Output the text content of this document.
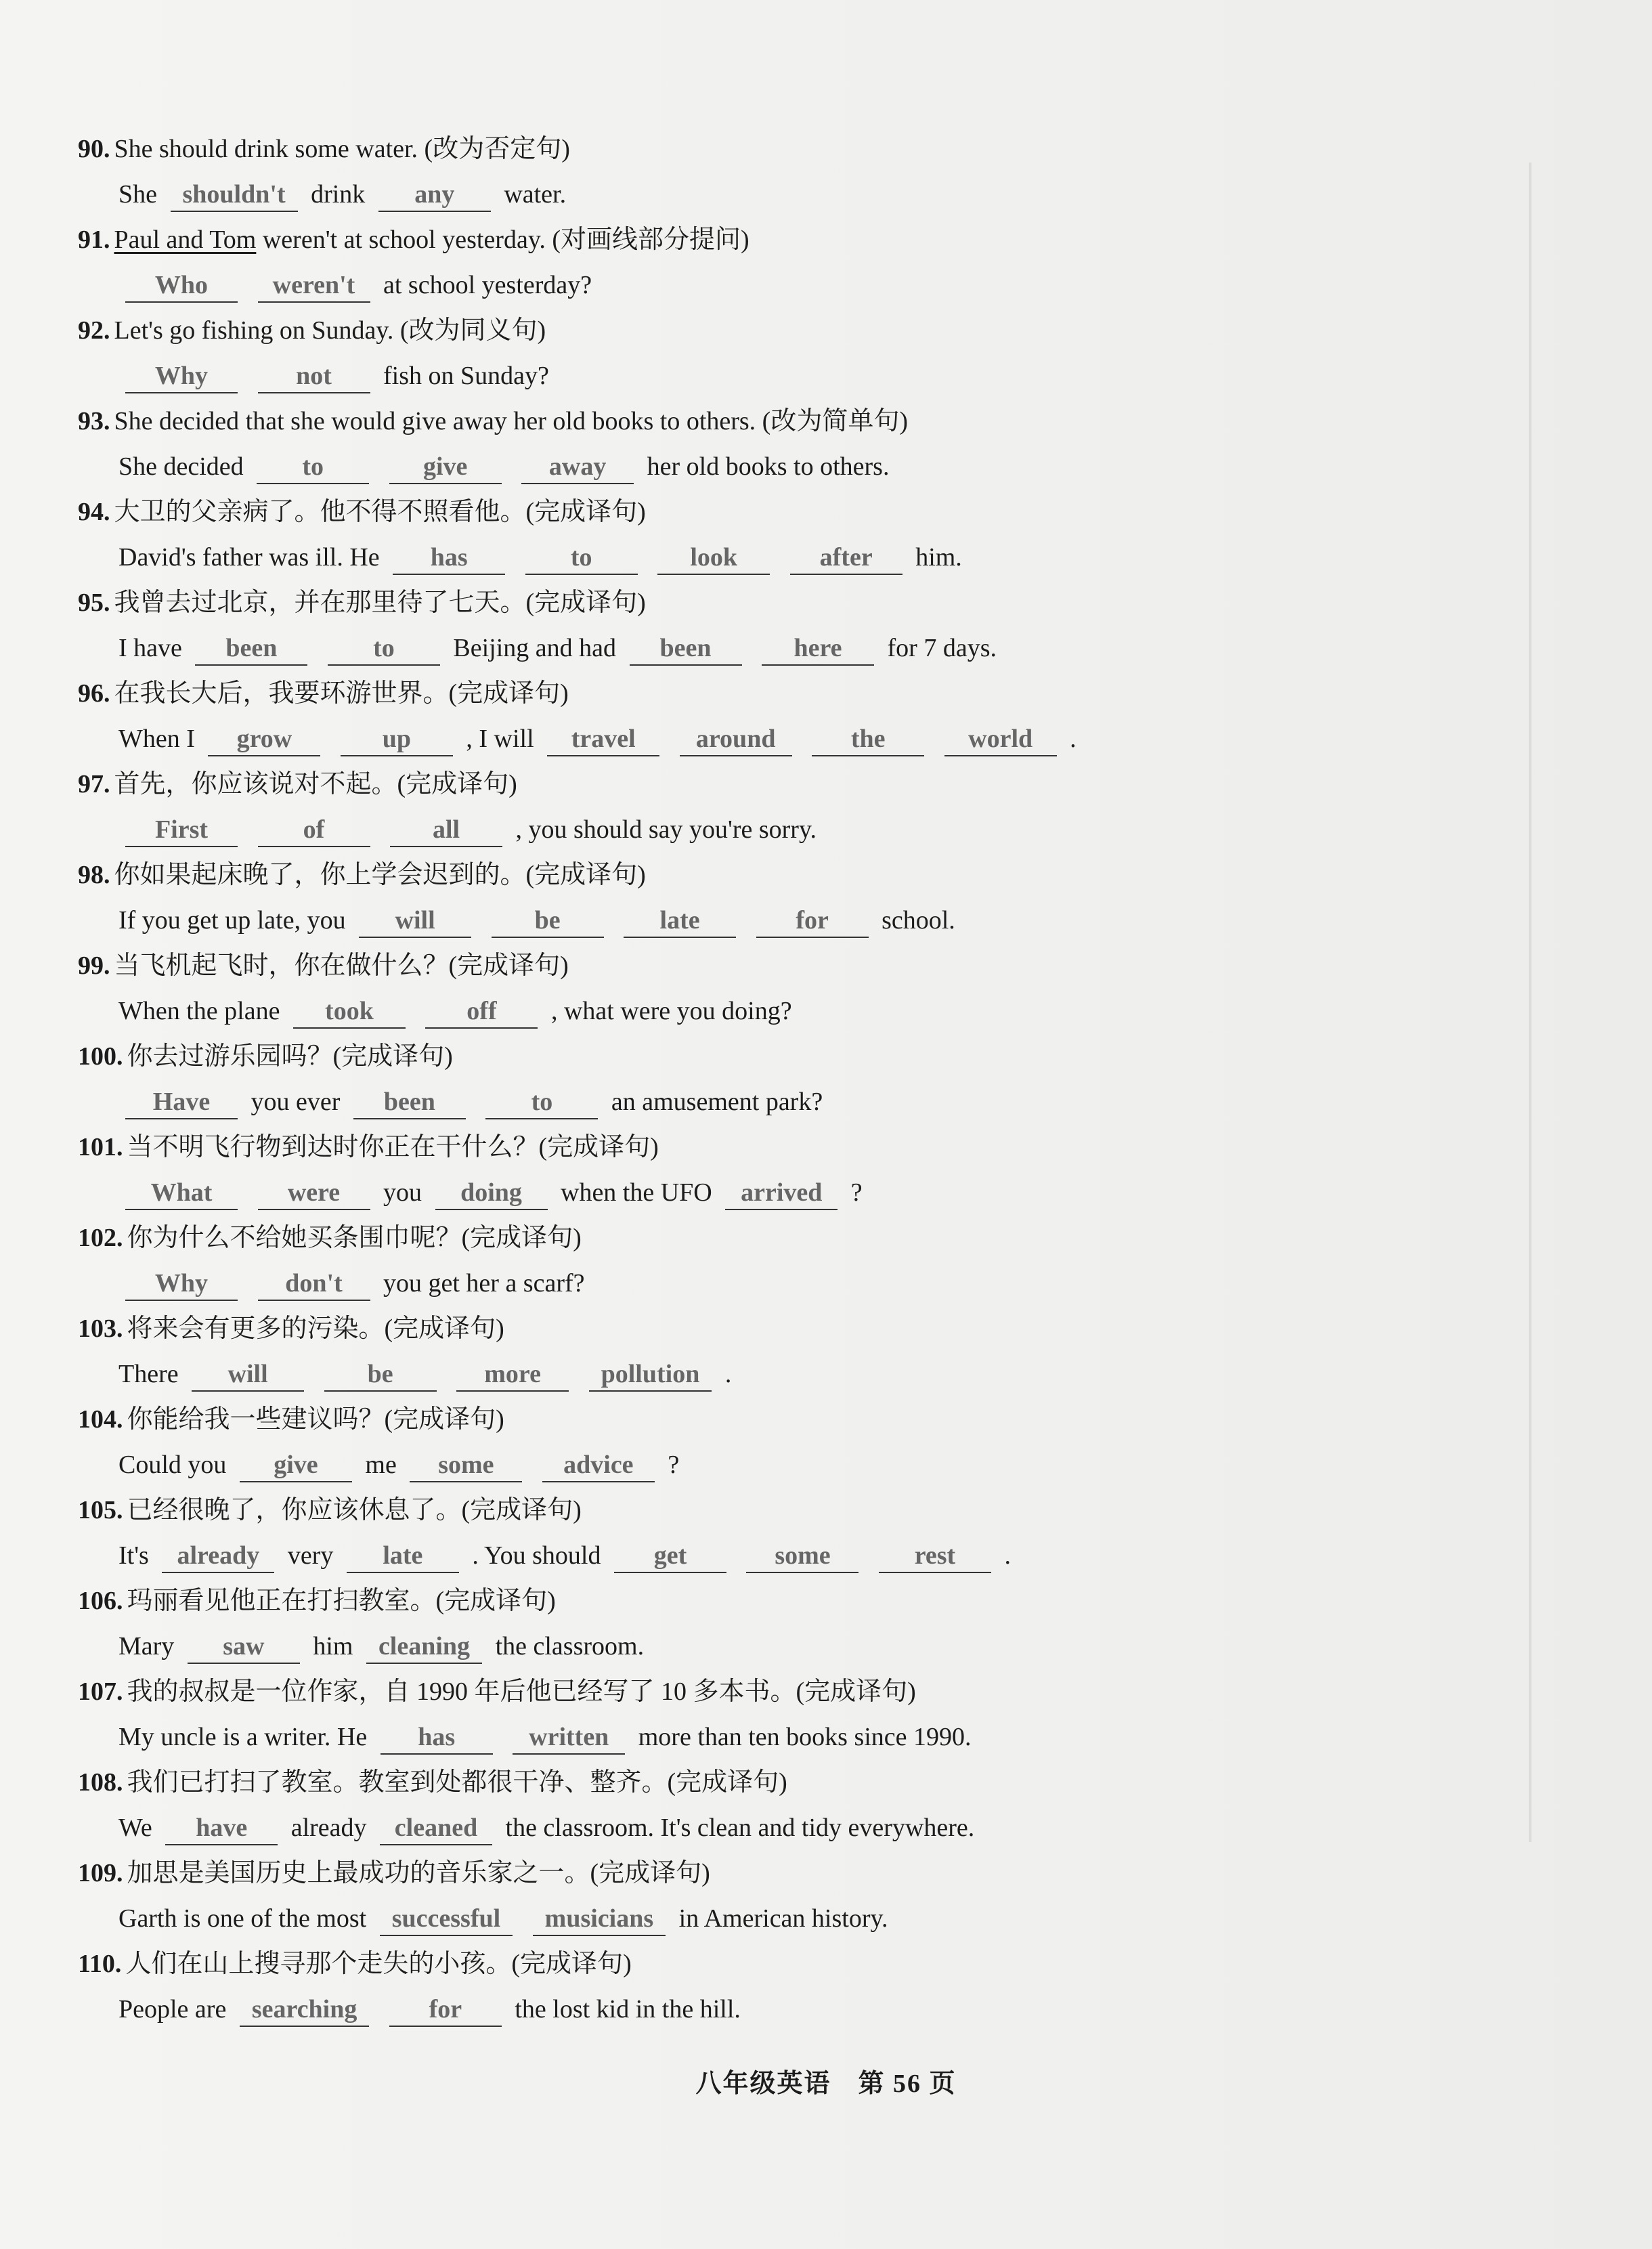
90. She should drink some water. (改为否定句)
She shouldn't drink any water.
91. Paul and Tom weren't at school yesterday. (对画线部分提问)
Who	weren't at school yesterday?
92. Let's go fishing on Sunday. (改为同义句)
Why	not fish on Sunday?
93. She decided that she would give away her old books to others. (改为简单句)
She decided to	give	away her old books to others.
94. 大卫的父亲病了。他不得不照看他。(完成译句)
David's father was ill. He has	to	look	after him.
95. 我曾去过北京，并在那里待了七天。(完成译句)
I have been	to Beijing and had been	here for 7 days.
96. 在我长大后，我要环游世界。(完成译句)
When I grow	up , I will travel around	the	world .
97. 首先，你应该说对不起。(完成译句)
First	of	all , you should say you're sorry.
98. 你如果起床晚了，你上学会迟到的。(完成译句)
If you get up late, you will	be	late	for school.
99. 当飞机起飞时，你在做什么？(完成译句)
When the plane took	off , what were you doing?
100. 你去过游乐园吗？(完成译句)
Have you ever been	to an amusement park?
101. 当不明飞行物到达时你正在干什么？(完成译句)
What	were you doing when the UFO arrived ?
102. 你为什么不给她买条围巾呢？(完成译句)
Why	don't you get her a scarf?
103. 将来会有更多的污染。(完成译句)
There will	be	more pollution .
104. 你能给我一些建议吗？(完成译句)
Could you give me some	advice ?
105. 已经很晚了，你应该休息了。(完成译句)
It's already very late . You should get	some	rest .
106. 玛丽看见他正在打扫教室。(完成译句)
Mary saw him cleaning the classroom.
107. 我的叔叔是一位作家，自 1990 年后他已经写了 10 多本书。(完成译句)
My uncle is a writer. He has	written more than ten books since 1990.
108. 我们已打扫了教室。教室到处都很干净、整齐。(完成译句)
We have already cleaned the classroom. It's clean and tidy everywhere.
109. 加思是美国历史上最成功的音乐家之一。(完成译句)
Garth is one of the most successful musicians in American history.
110. 人们在山上搜寻那个走失的小孩。(完成译句)
People are searching	for the lost kid in the hill.
八年级英语　第 56 页
